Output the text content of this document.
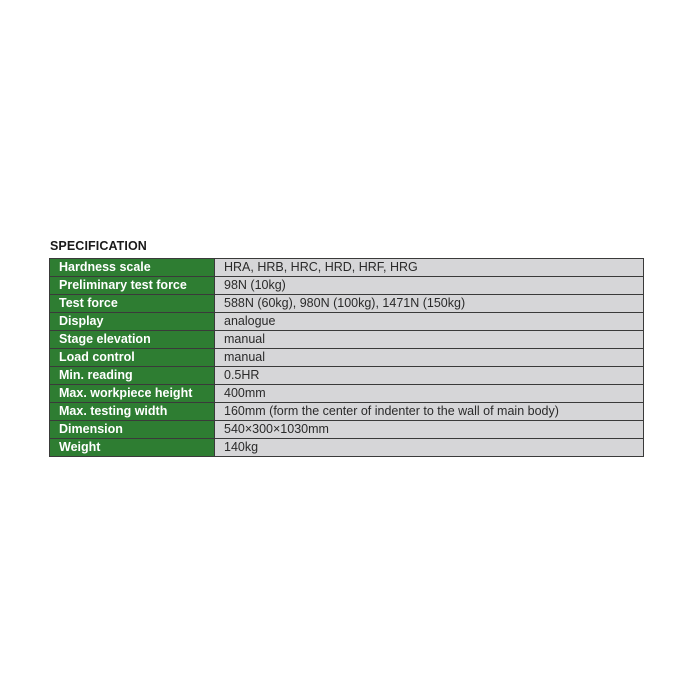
SPECIFICATION
Hardness scale	HRA, HRB, HRC, HRD, HRF, HRG
Preliminary test force	98N (10kg)
Test force	588N (60kg), 980N (100kg), 1471N (150kg)
Display	analogue
Stage elevation	manual
Load control	manual
Min. reading	0.5HR
Max. workpiece height	400mm
Max. testing width	160mm (form the center of indenter to the wall of main body)
Dimension	540×300×1030mm
Weight	140kg
